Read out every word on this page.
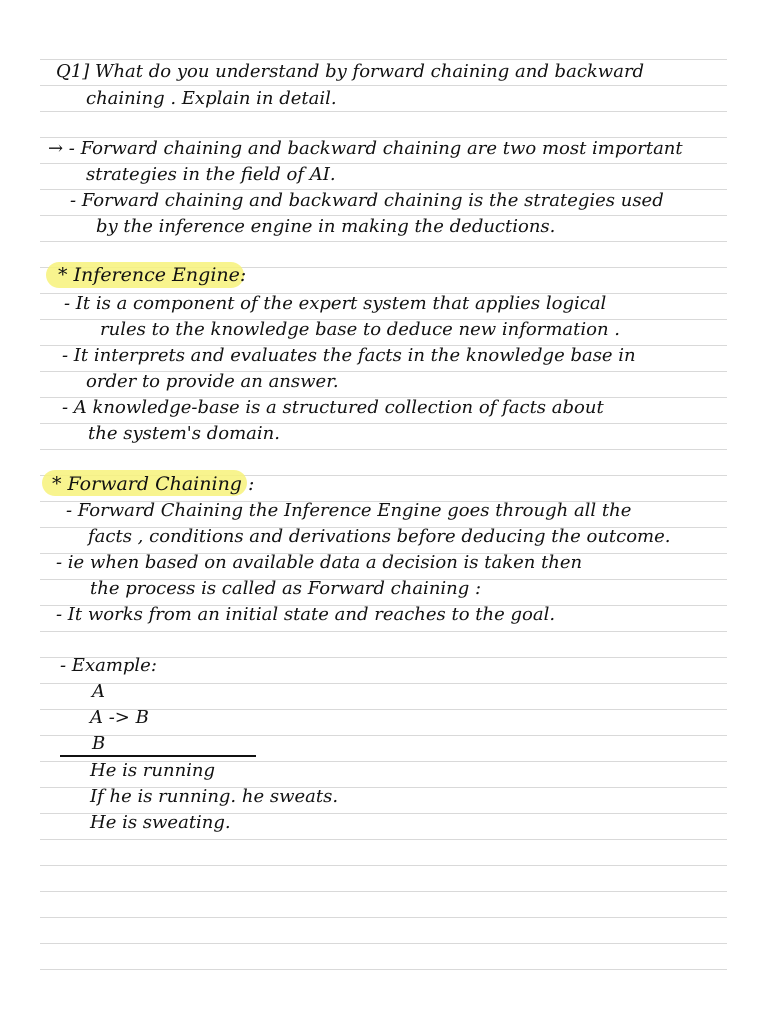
Q1] What do you understand by forward chaining and backward
chaining . Explain in detail.
→ - Forward chaining and backward chaining are two most important
strategies in the field of AI.
- Forward chaining and backward chaining is the strategies used
by the inference engine in making the deductions.
* Inference Engine:
- It is a component of the expert system that applies logical
rules to the knowledge base to deduce new information .
- It interprets and evaluates the facts in the knowledge base in
order to provide an answer.
- A knowledge-base is a structured collection of facts about
the system's domain.
* Forward Chaining :
- Forward Chaining the Inference Engine goes through all the
facts , conditions and derivations before deducing the outcome.
- ie when based on available data a decision is taken then
the process is called as Forward chaining :
- It works from an initial state and reaches to the goal.
- Example:
A
A -> B
B
He is running
If he is running. he sweats.
He is sweating.
